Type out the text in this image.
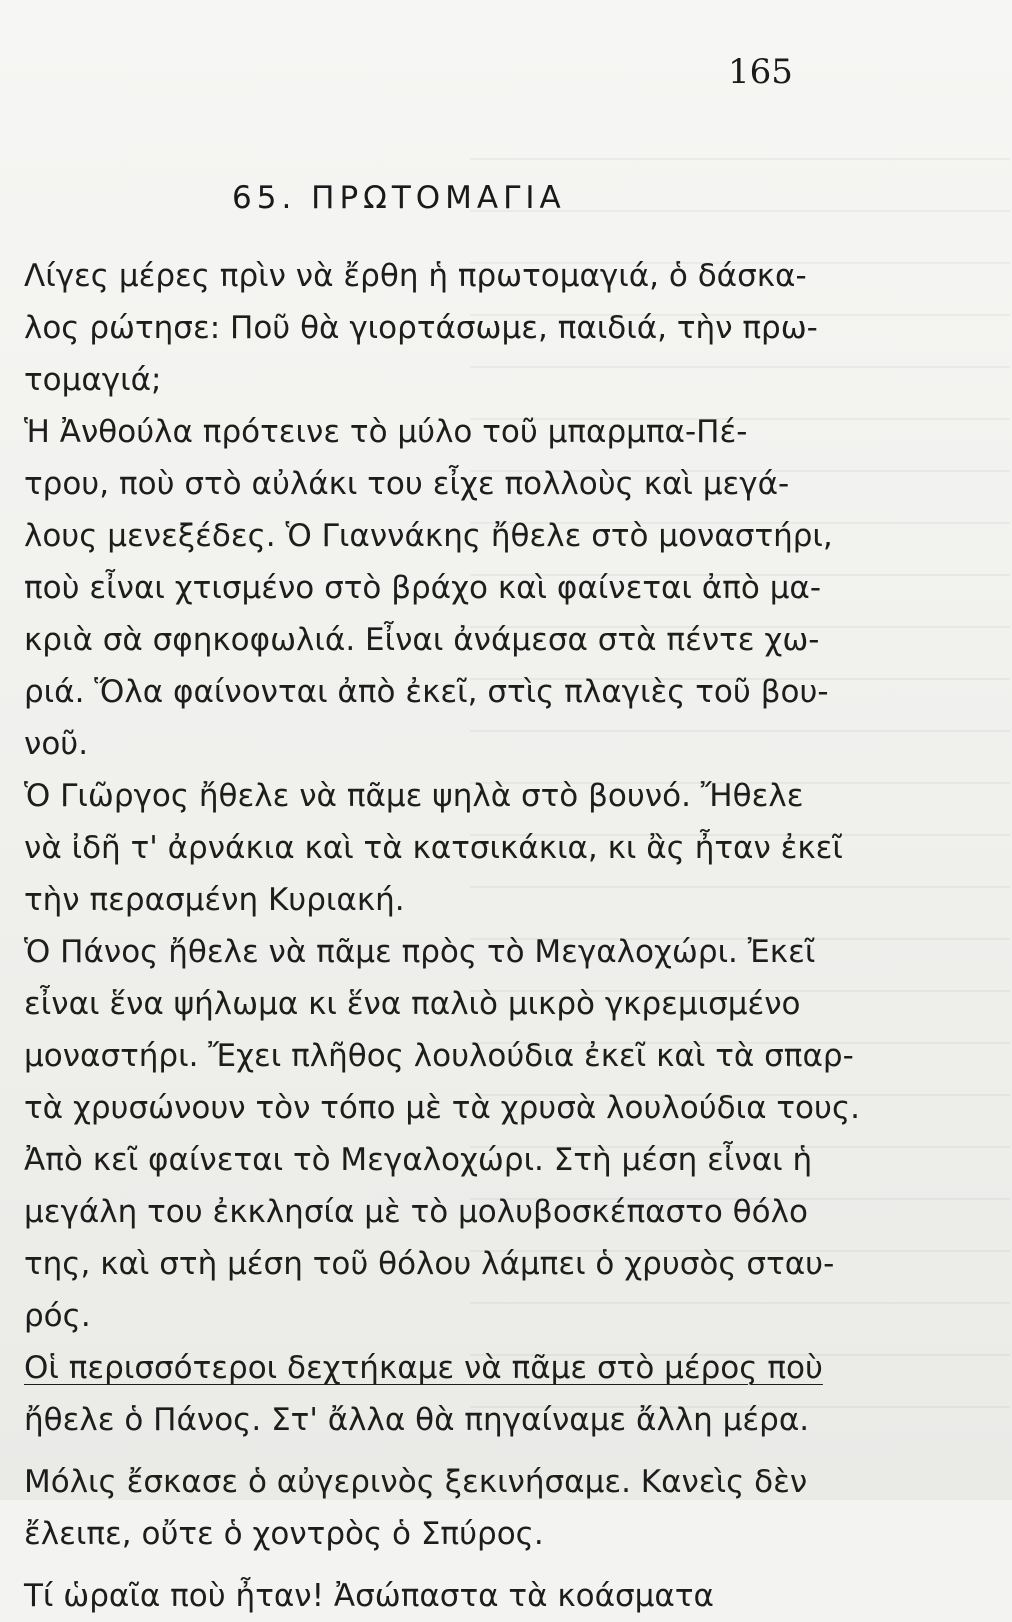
165
65. ΠΡΩΤΟΜΑΓΙΑ
Λίγες μέρες πρὶν νὰ ἔρθη ἡ πρωτομαγιά, ὁ δάσκα-
λος ρώτησε: Ποῦ θὰ γιορτάσωμε, παιδιά, τὴν πρω-
τομαγιά;
Ἡ Ἀνθούλα πρότεινε τὸ μύλο τοῦ μπαρμπα-Πέ-
τρου, ποὺ στὸ αὐλάκι του εἶχε πολλοὺς καὶ μεγά-
λους μενεξέδες. Ὁ Γιαννάκης ἤθελε στὸ μοναστήρι,
ποὺ εἶναι χτισμένο στὸ βράχο καὶ φαίνεται ἀπὸ μα-
κριὰ σὰ σφηκοφωλιά. Εἶναι ἀνάμεσα στὰ πέντε χω-
ριά. Ὅλα φαίνονται ἀπὸ ἐκεῖ, στὶς πλαγιὲς τοῦ βου-
νοῦ.
Ὁ Γιῶργος ἤθελε νὰ πᾶμε ψηλὰ στὸ βουνό. Ἤθελε
νὰ ἰδῆ τ' ἀρνάκια καὶ τὰ κατσικάκια, κι ἂς ἦταν ἐκεῖ
τὴν περασμένη Κυριακή.
Ὁ Πάνος ἤθελε νὰ πᾶμε πρὸς τὸ Μεγαλοχώρι. Ἐκεῖ
εἶναι ἕνα ψήλωμα κι ἕνα παλιὸ μικρὸ γκρεμισμένο
μοναστήρι. Ἔχει πλῆθος λουλούδια ἐκεῖ καὶ τὰ σπαρ-
τὰ χρυσώνουν τὸν τόπο μὲ τὰ χρυσὰ λουλούδια τους.
Ἀπὸ κεῖ φαίνεται τὸ Μεγαλοχώρι. Στὴ μέση εἶναι ἡ
μεγάλη του ἐκκλησία μὲ τὸ μολυβοσκέπαστο θόλο
της, καὶ στὴ μέση τοῦ θόλου λάμπει ὁ χρυσὸς σταυ-
ρός.
Οἱ περισσότεροι δεχτήκαμε νὰ πᾶμε στὸ μέρος ποὺ
ἤθελε ὁ Πάνος. Στ' ἄλλα θὰ πηγαίναμε ἄλλη μέρα.
Μόλις ἔσκασε ὁ αὐγερινὸς ξεκινήσαμε. Κανεὶς δὲν
ἔλειπε, οὔτε ὁ χοντρὸς ὁ Σπύρος.
Τί ὡραῖα ποὺ ἦταν! Ἀσώπαστα τὰ κοάσματα
